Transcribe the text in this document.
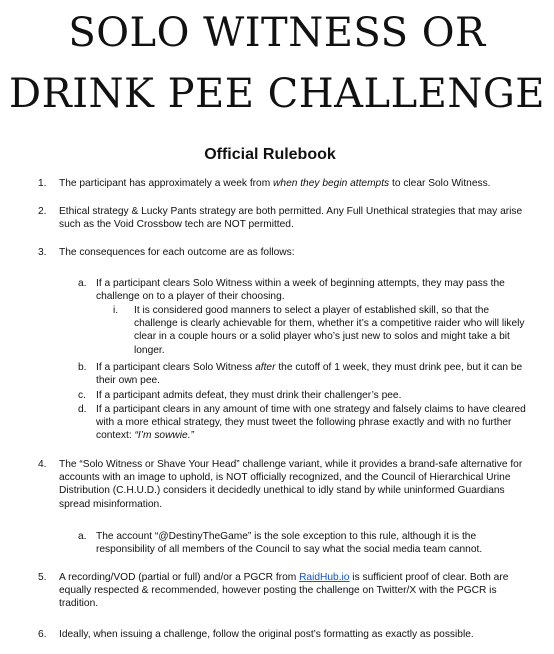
SOLO WITNESS OR
DRINK PEE CHALLENGE
Official Rulebook
1. The participant has approximately a week from when they begin attempts to clear Solo Witness.
2. Ethical strategy & Lucky Pants strategy are both permitted. Any Full Unethical strategies that may arise such as the Void Crossbow tech are NOT permitted.
3. The consequences for each outcome are as follows:
a. If a participant clears Solo Witness within a week of beginning attempts, they may pass the challenge on to a player of their choosing.
i. It is considered good manners to select a player of established skill, so that the challenge is clearly achievable for them, whether it’s a competitive raider who will likely clear in a couple hours or a solid player who’s just new to solos and might take a bit longer.
b. If a participant clears Solo Witness after the cutoff of 1 week, they must drink pee, but it can be their own pee.
c. If a participant admits defeat, they must drink their challenger’s pee.
d. If a participant clears in any amount of time with one strategy and falsely claims to have cleared with a more ethical strategy, they must tweet the following phrase exactly and with no further context: “I’m sowwie.”
4. The “Solo Witness or Shave Your Head” challenge variant, while it provides a brand-safe alternative for accounts with an image to uphold, is NOT officially recognized, and the Council of Hierarchical Urine Distribution (C.H.U.D.) considers it decidedly unethical to idly stand by while uninformed Guardians spread misinformation.
a. The account “@DestinyTheGame” is the sole exception to this rule, although it is the responsibility of all members of the Council to say what the social media team cannot.
5. A recording/VOD (partial or full) and/or a PGCR from RaidHub.io is sufficient proof of clear. Both are equally respected & recommended, however posting the challenge on Twitter/X with the PGCR is tradition.
6. Ideally, when issuing a challenge, follow the original post’s formatting as exactly as possible.
